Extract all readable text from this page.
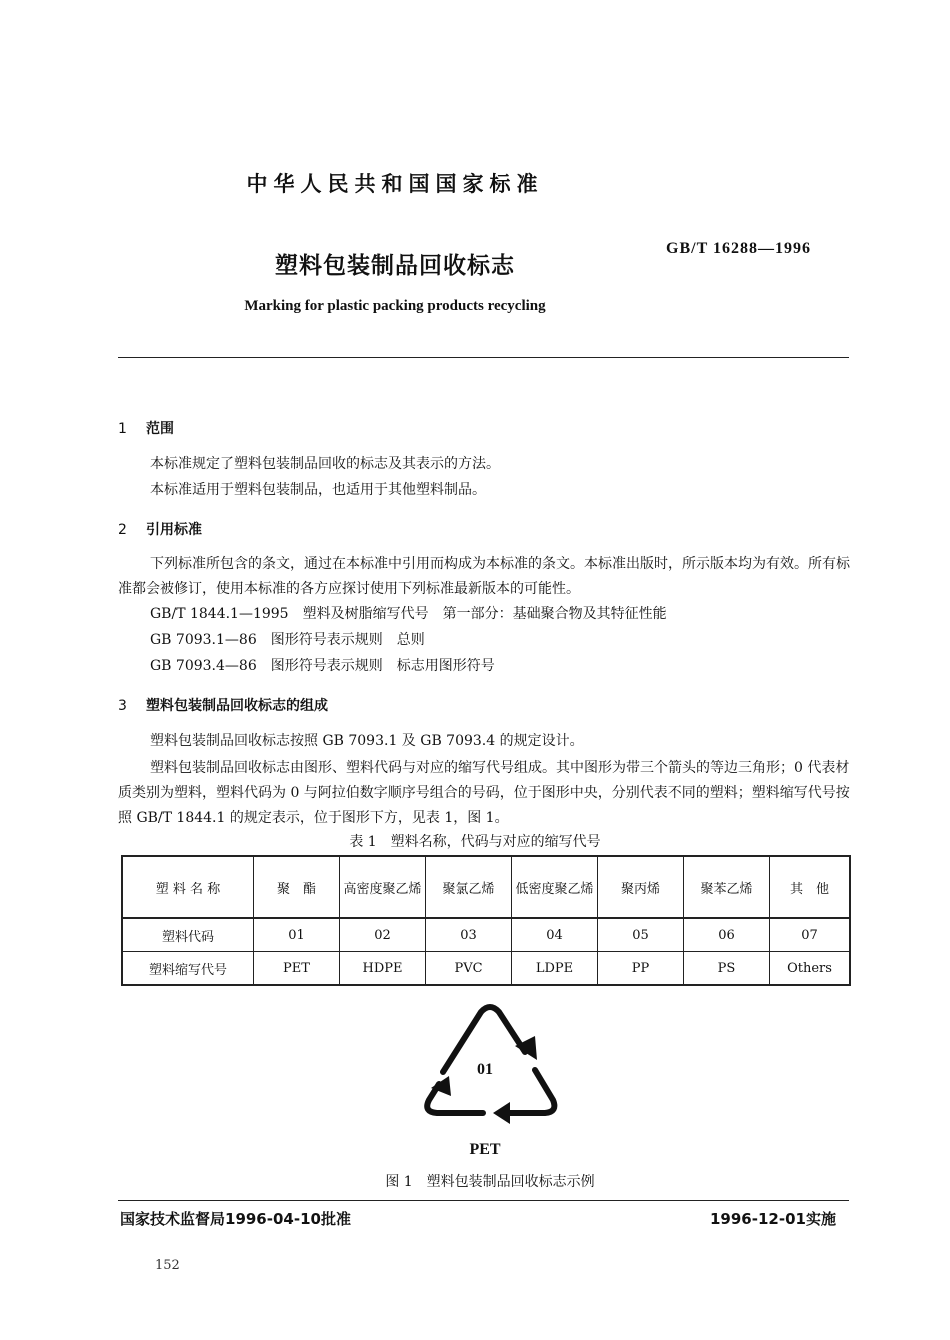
中华人民共和国国家标准
GB/T 16288—1996
塑料包装制品回收标志
Marking for plastic packing products recycling
1 范围
本标准规定了塑料包装制品回收的标志及其表示的方法。
本标准适用于塑料包装制品，也适用于其他塑料制品。
2 引用标准
下列标准所包含的条文，通过在本标准中引用而构成为本标准的条文。本标准出版时，所示版本均为有效。所有标准都会被修订，使用本标准的各方应探讨使用下列标准最新版本的可能性。
GB/T 1844.1—1995　塑料及树脂缩写代号　第一部分：基础聚合物及其特征性能
GB 7093.1—86　图形符号表示规则　总则
GB 7093.4—86　图形符号表示规则　标志用图形符号
3 塑料包装制品回收标志的组成
塑料包装制品回收标志按照 GB 7093.1 及 GB 7093.4 的规定设计。
塑料包装制品回收标志由图形、塑料代码与对应的缩写代号组成。其中图形为带三个箭头的等边三角形；0 代表材质类别为塑料，塑料代码为 0 与阿拉伯数字顺序号组合的号码，位于图形中央，分别代表不同的塑料；塑料缩写代号按照 GB/T 1844.1 的规定表示，位于图形下方，见表 1，图 1。
表 1　塑料名称，代码与对应的缩写代号
塑 料 名 称	聚　酯	高密度聚乙烯	聚氯乙烯	低密度聚乙烯	聚丙烯	聚苯乙烯	其　他
塑料代码	01	02	03	04	05	06	07
塑料缩写代号	PET	HDPE	PVC	LDPE	PP	PS	Others
01
PET
图 1　塑料包装制品回收标志示例
国家技术监督局1996-04-10批准	1996-12-01实施
152
